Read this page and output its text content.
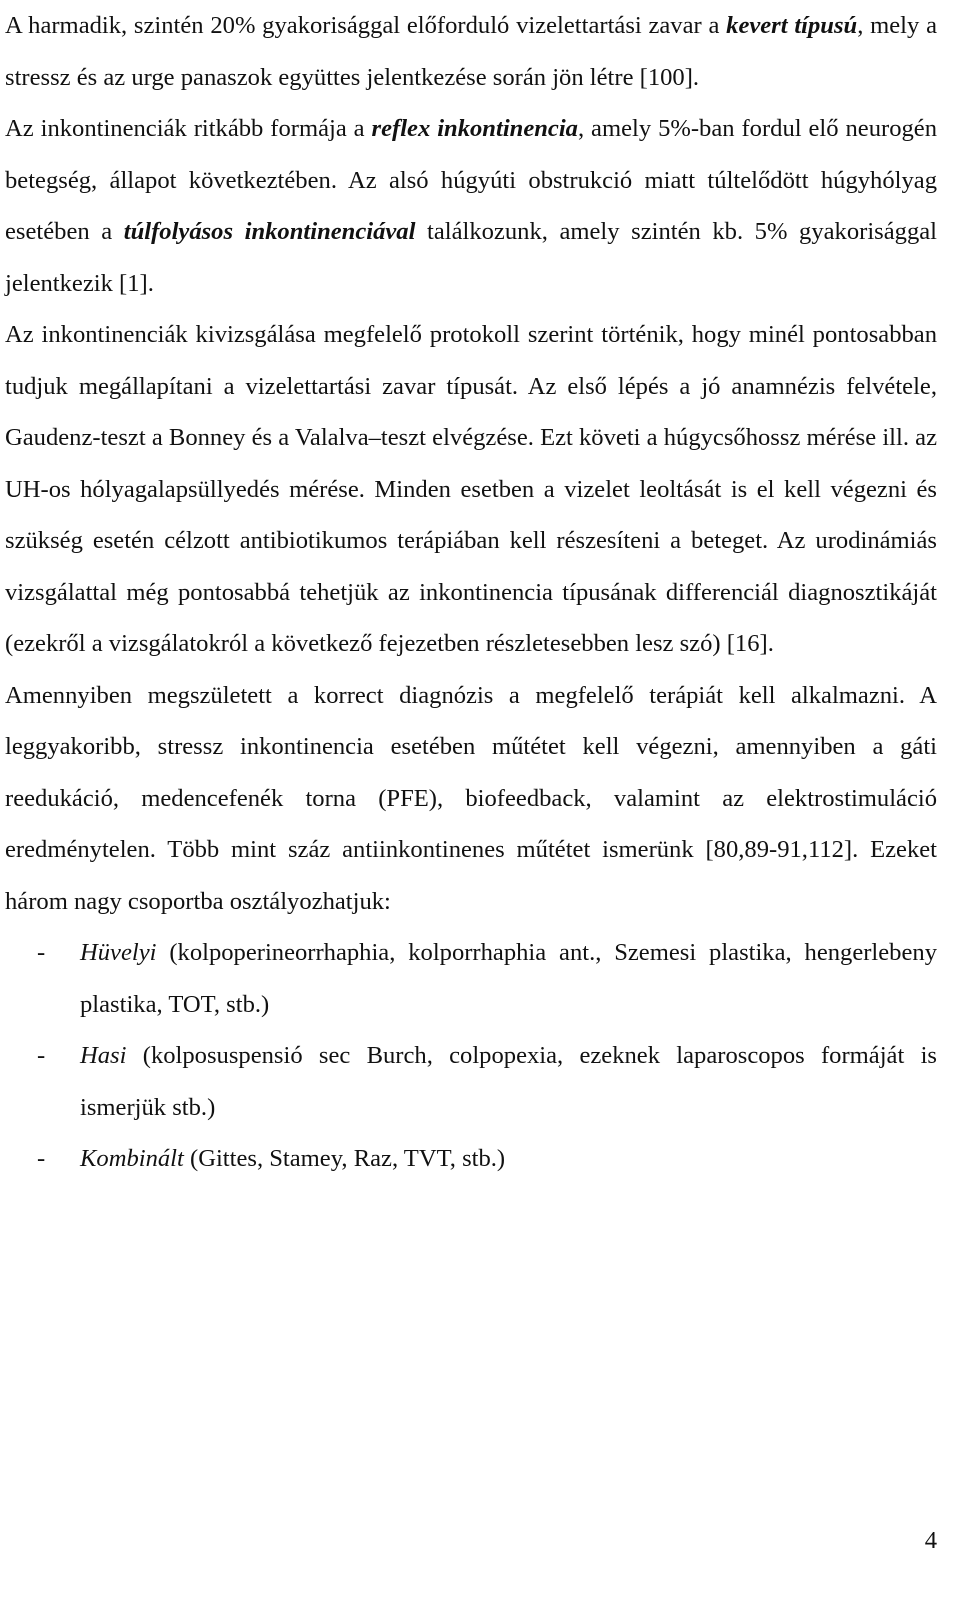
A harmadik, szintén 20% gyakorisággal előforduló vizelettartási zavar a kevert típusú, mely a stressz és az urge panaszok együttes jelentkezése során jön létre [100].

Az inkontinenciák ritkább formája a reflex inkontinencia, amely 5%-ban fordul elő neurogén betegség, állapot következtében. Az alsó húgyúti obstrukció miatt túltelődött húgyhólyag esetében a túlfolyásos inkontinenciával találkozunk, amely szintén kb. 5% gyakorisággal jelentkezik [1].

Az inkontinenciák kivizsgálása megfelelő protokoll szerint történik, hogy minél pontosabban tudjuk megállapítani a vizelettartási zavar típusát. Az első lépés a jó anamnézis felvétele, Gaudenz-teszt a Bonney és a Valalva–teszt elvégzése. Ezt követi a húgycsőhossz mérése ill. az UH-os hólyagalapsüllyedés mérése. Minden esetben a vizelet leoltását is el kell végezni és szükség esetén célzott antibiotikumos terápiában kell részesíteni a beteget. Az urodinámiás vizsgálattal még pontosabbá tehetjük az inkontinencia típusának differenciál diagnosztikáját (ezekről a vizsgálatokról a következő fejezetben részletesebben lesz szó) [16].

Amennyiben megszületett a korrect diagnózis a megfelelő terápiát kell alkalmazni. A leggyakoribb, stressz inkontinencia esetében műtétet kell végezni, amennyiben a gáti reedukáció, medencefenék torna (PFE), biofeedback, valamint az elektrostimuláció eredménytelen. Több mint száz antiinkontinenes műtétet ismerünk [80,89-91,112]. Ezeket három nagy csoportba osztályozhatjuk:

- Hüvelyi (kolpoperineorrhaphia, kolporrhaphia ant., Szemesi plastika, hengerlebeny plastika, TOT, stb.)
- Hasi (kolposuspensió sec Burch, colpopexia, ezeknek laparoscopos formáját is ismerjük stb.)
- Kombinált (Gittes, Stamey, Raz, TVT, stb.)
4
